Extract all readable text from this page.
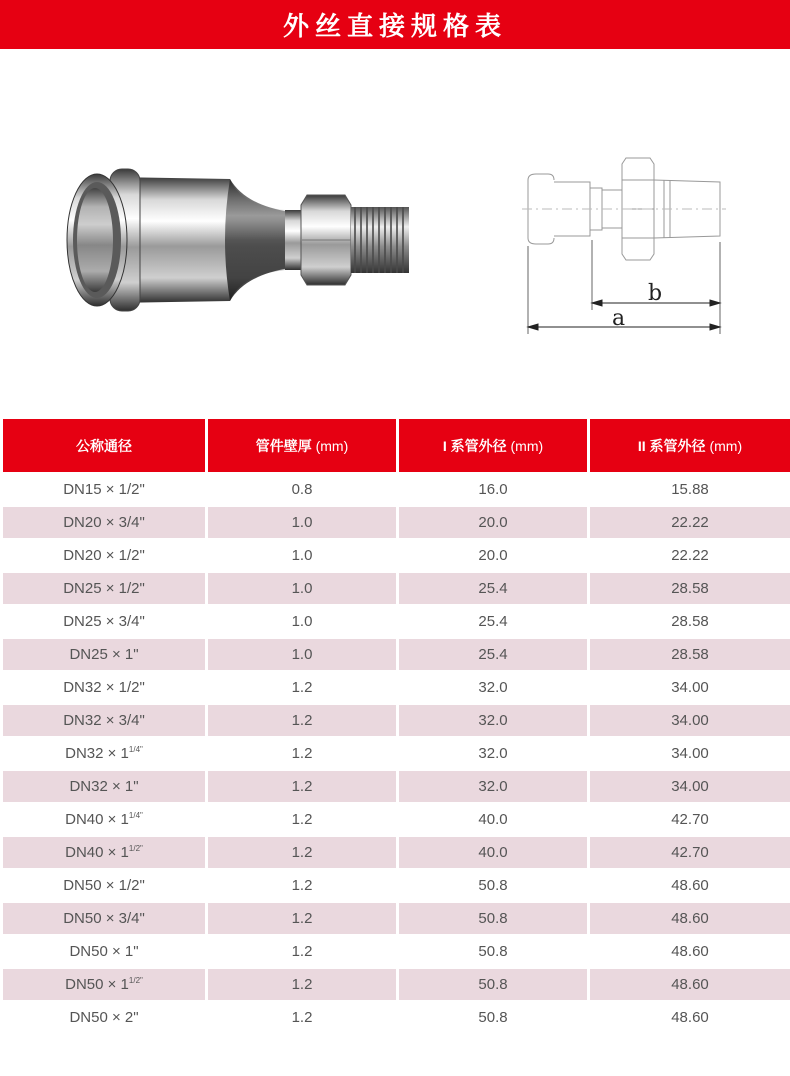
外丝直接规格表
b
a
公称通径	管件壁厚 (mm)	I 系管外径 (mm)	II 系管外径 (mm)
DN15 × 1/2"	0.8	16.0	15.88
DN20 × 3/4"	1.0	20.0	22.22
DN20 × 1/2"	1.0	20.0	22.22
DN25 × 1/2"	1.0	25.4	28.58
DN25 × 3/4"	1.0	25.4	28.58
DN25 × 1"	1.0	25.4	28.58
DN32 × 1/2"	1.2	32.0	34.00
DN32 × 3/4"	1.2	32.0	34.00
$DN32 \times 1^{1/4"}$	1.2	32.0	34.00
DN32 × 1"	1.2	32.0	34.00
$DN40 \times 1^{1/4"}$	1.2	40.0	42.70
$DN40 \times 1^{1/2"}$	1.2	40.0	42.70
DN50 × 1/2"	1.2	50.8	48.60
DN50 × 3/4"	1.2	50.8	48.60
DN50 × 1"	1.2	50.8	48.60
$DN50 \times 1^{1/2"}$	1.2	50.8	48.60
DN50 × 2"	1.2	50.8	48.60
